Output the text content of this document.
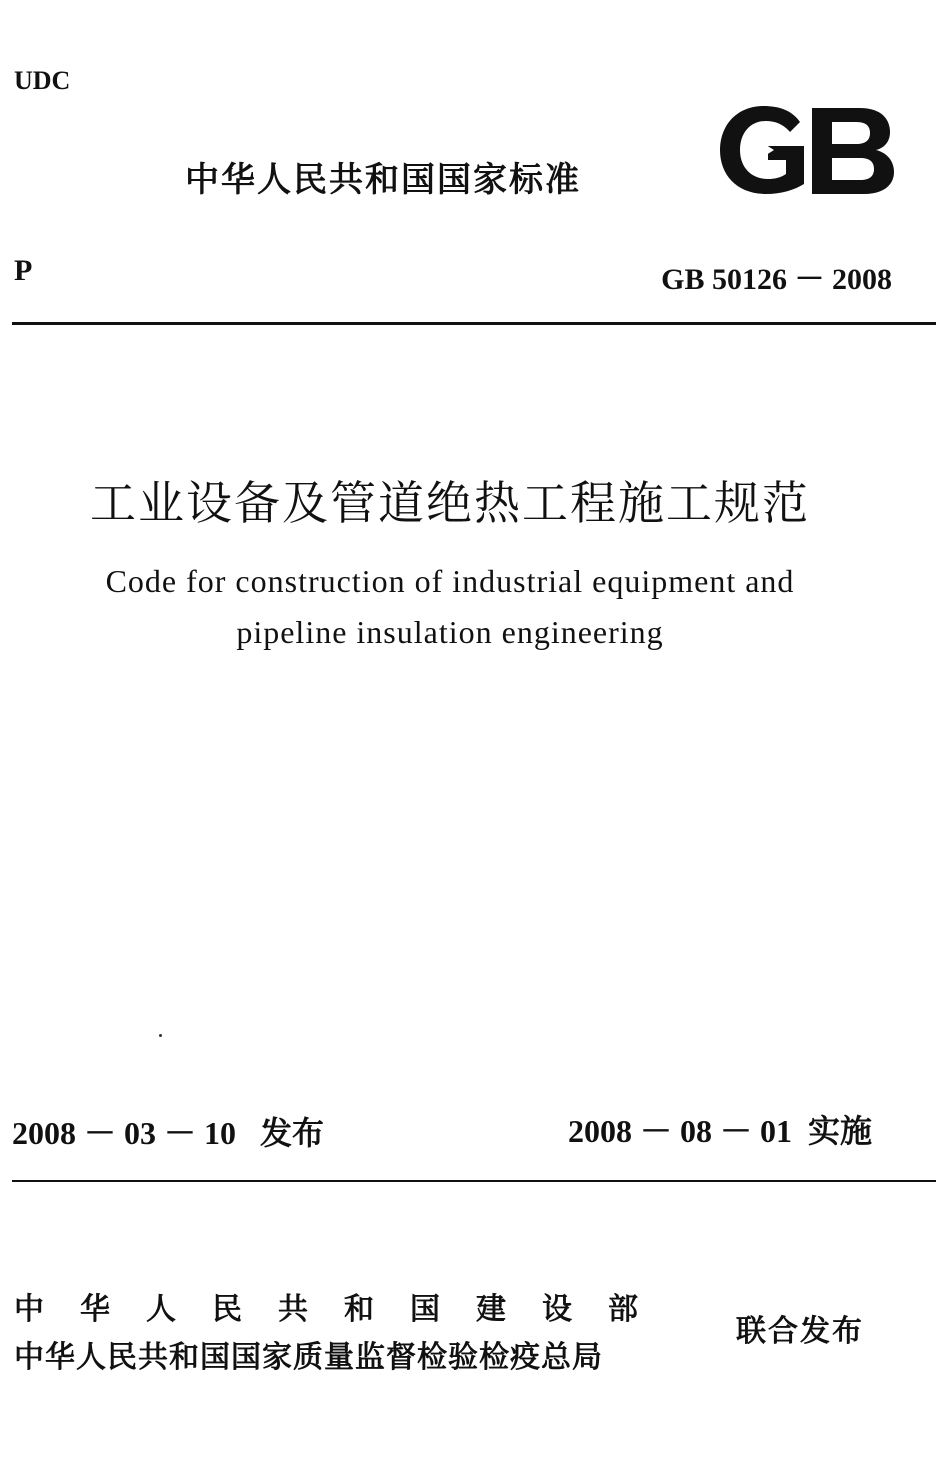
UDC
中华人民共和国国家标准
P	GB 50126 － 2008
工业设备及管道绝热工程施工规范
Code for construction of industrial equipment and
pipeline insulation engineering
2008 － 03 － 10 发布	2008 － 08 － 01 实施
中华人民共和国建设部
中华人民共和国国家质量监督检验检疫总局
联合发布
